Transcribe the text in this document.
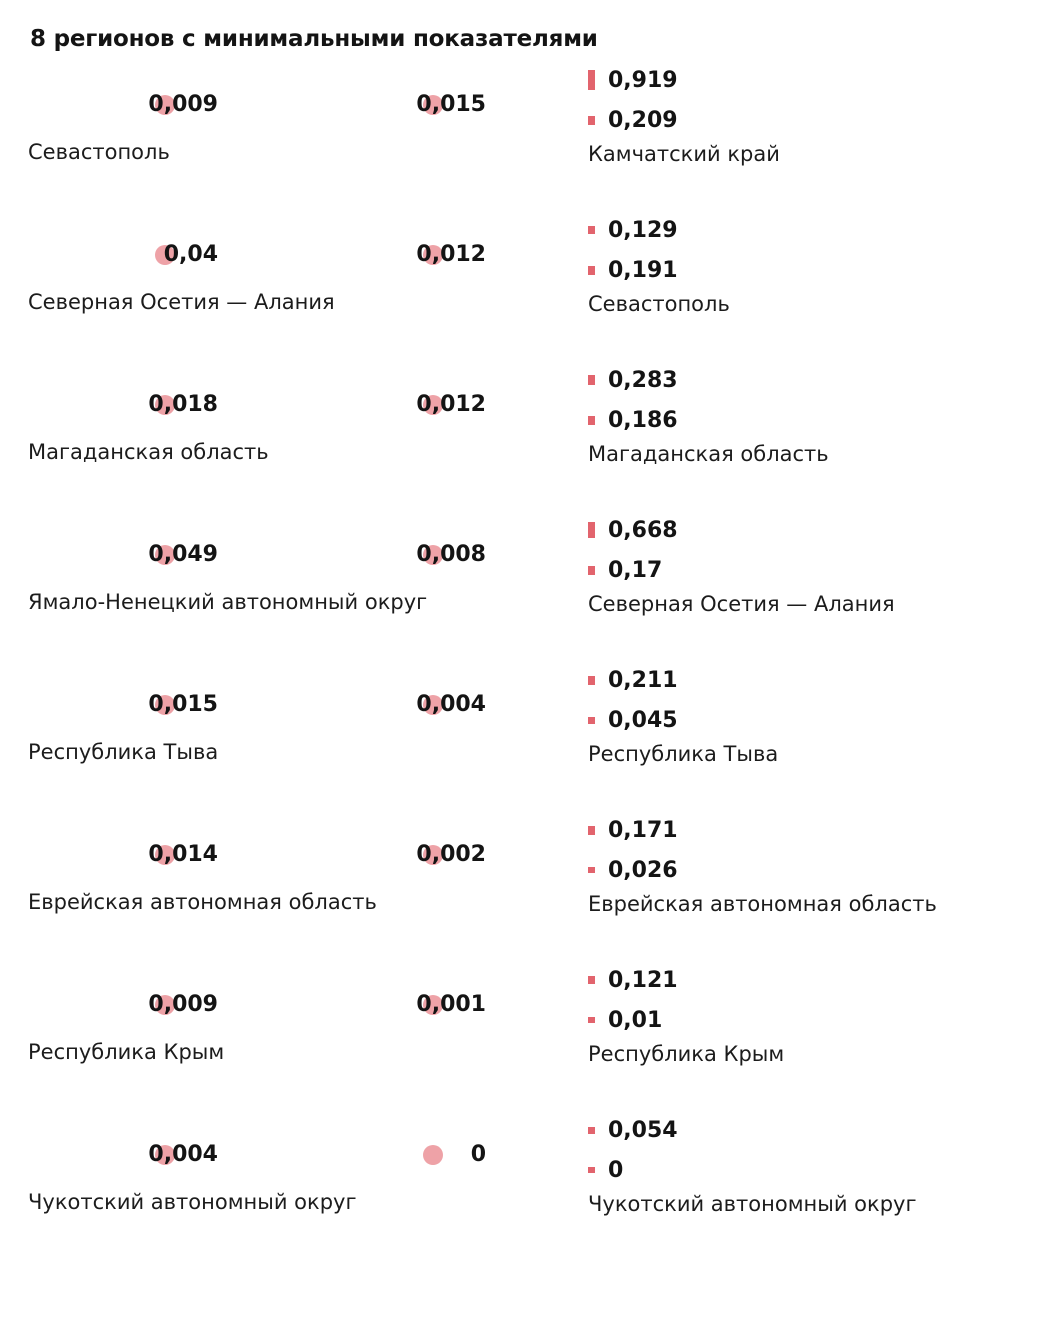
8 регионов с минимальными показателями
0,009	0,015
Севастополь
0,919
0,209
Камчатский край
0,04	0,012
Северная Осетия — Алания
0,129
0,191
Севастополь
0,018	0,012
Магаданская область
0,283
0,186
Магаданская область
0,049	0,008
Ямало-Ненецкий автономный округ
0,668
0,17
Северная Осетия — Алания
0,015	0,004
Республика Тыва
0,211
0,045
Республика Тыва
0,014	0,002
Еврейская автономная область
0,171
0,026
Еврейская автономная область
0,009	0,001
Республика Крым
0,121
0,01
Республика Крым
0,004	0
Чукотский автономный округ
0,054
0
Чукотский автономный округ
